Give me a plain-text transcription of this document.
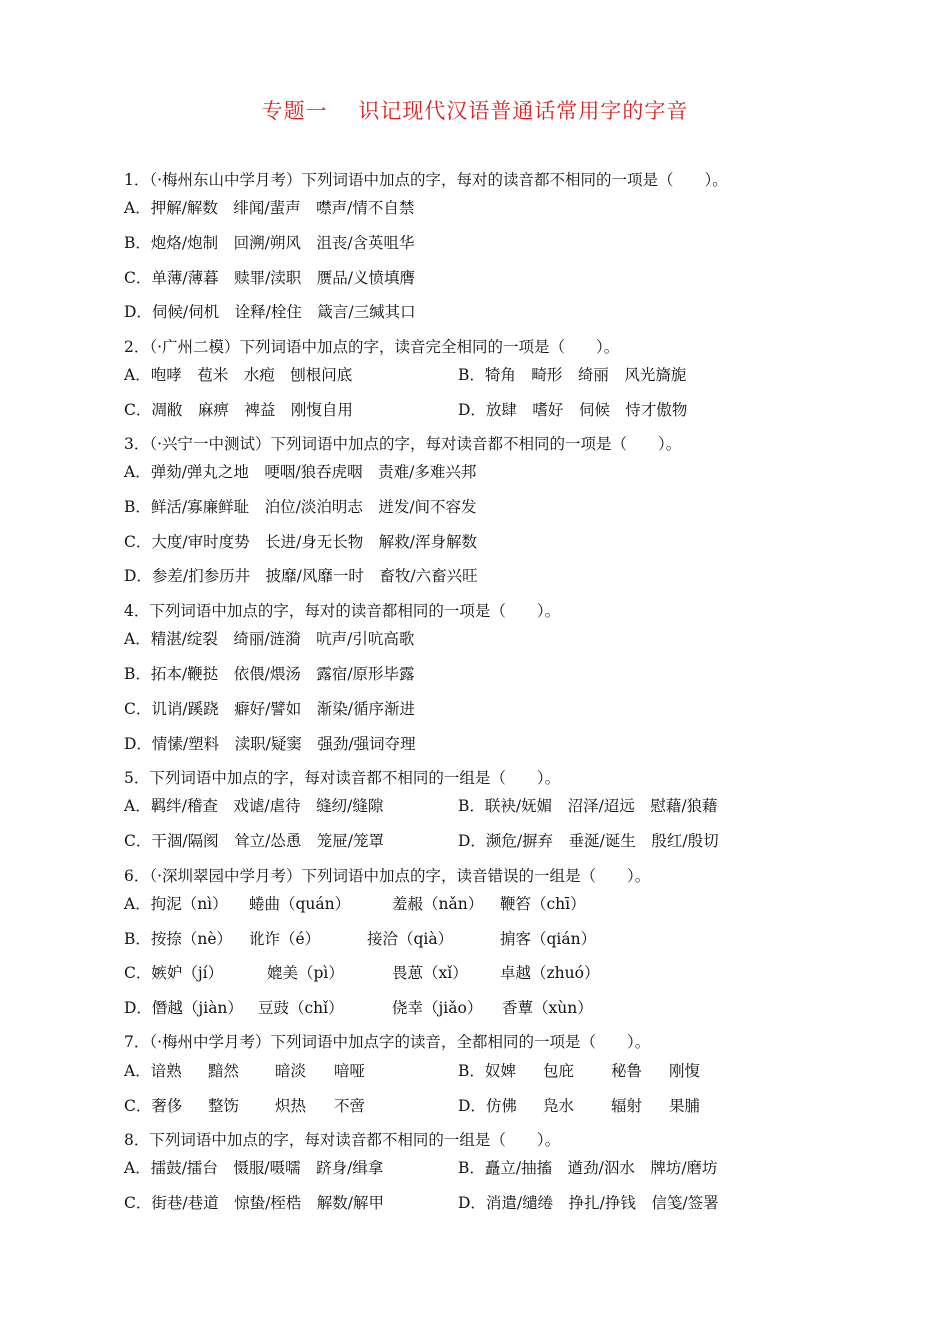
专题一    识记现代汉语普通话常用字的字音
1．（·梅州东山中学月考）下列词语中加点的字，每对的读音都不相同的一项是（　　）。
A．押解/解数　绯闻/蜚声　噤声/情不自禁
B．炮烙/炮制　回溯/朔风　沮丧/含英咀华
C．单薄/薄暮　赎罪/渎职　赝品/义愤填膺
D．伺候/伺机　诠释/栓住　箴言/三缄其口
2．（·广州二模）下列词语中加点的字，读音完全相同的一项是（　　）。
A．咆哮　苞米　水疱　刨根问底	B．犄角　畸形　绮丽　风光旖旎
C．凋敝　麻痹　裨益　刚愎自用	D．放肆　嗜好　伺候　恃才傲物
3．（·兴宁一中测试）下列词语中加点的字，每对读音都不相同的一项是（　　）。
A．弹劾/弹丸之地　哽咽/狼吞虎咽　责难/多难兴邦
B．鲜活/寡廉鲜耻　泊位/淡泊明志　迸发/间不容发
C．大度/审时度势　长进/身无长物　解救/浑身解数
D．参差/扪参历井　披靡/风靡一时　畜牧/六畜兴旺
4．下列词语中加点的字，每对的读音都相同的一项是（　　）。
A．精湛/绽裂　绮丽/涟漪　吭声/引吭高歌
B．拓本/鞭挞　依偎/煨汤　露宿/原形毕露
C．讥诮/蹊跷　癖好/譬如　渐染/循序渐进
D．情愫/塑料　渎职/疑窦　强劲/强词夺理
5．下列词语中加点的字，每对读音都不相同的一组是（　　）。
A．羁绊/稽查　戏谑/虐待　缝纫/缝隙	B．联袂/妩媚　沼泽/迢远　慰藉/狼藉
C．干涸/隔阂　耸立/怂恿　笼屉/笼罩	D．濒危/摒弃　垂涎/诞生　殷红/殷切
6．（·深圳翠园中学月考）下列词语中加点的字，读音错误的一组是（　　）。
A．拘泥（nì） 蜷曲（quán）	羞赧（nǎn） 鞭笞（chī）
B．按捺（nè） 讹诈（é）	接洽（qià）	掮客（qián）
C．嫉妒（jí）	媲美（pì）	畏葸（xǐ） 卓越（zhuó）
D．僭越（jiàn） 豆豉（chǐ）	侥幸（jiǎo） 香蕈（xùn）
7．（·梅州中学月考）下列词语中加点字的读音，全都相同的一项是（　　）。
A．谙熟 黯然 暗淡 喑哑	B．奴婢 包庇 秘鲁 刚愎
C．奢侈 整饬 炽热 不啻	D．仿佛 凫水 辐射 果脯
8．下列词语中加点的字，每对读音都不相同的一组是（　　）。
A．擂鼓/擂台　慑服/嗫嚅　跻身/缉拿	B．矗立/抽搐　遒劲/泅水　牌坊/磨坊
C．街巷/巷道　惊蛰/桎梏　解数/解甲	D．消遣/缱绻　挣扎/挣钱　信笺/签署
